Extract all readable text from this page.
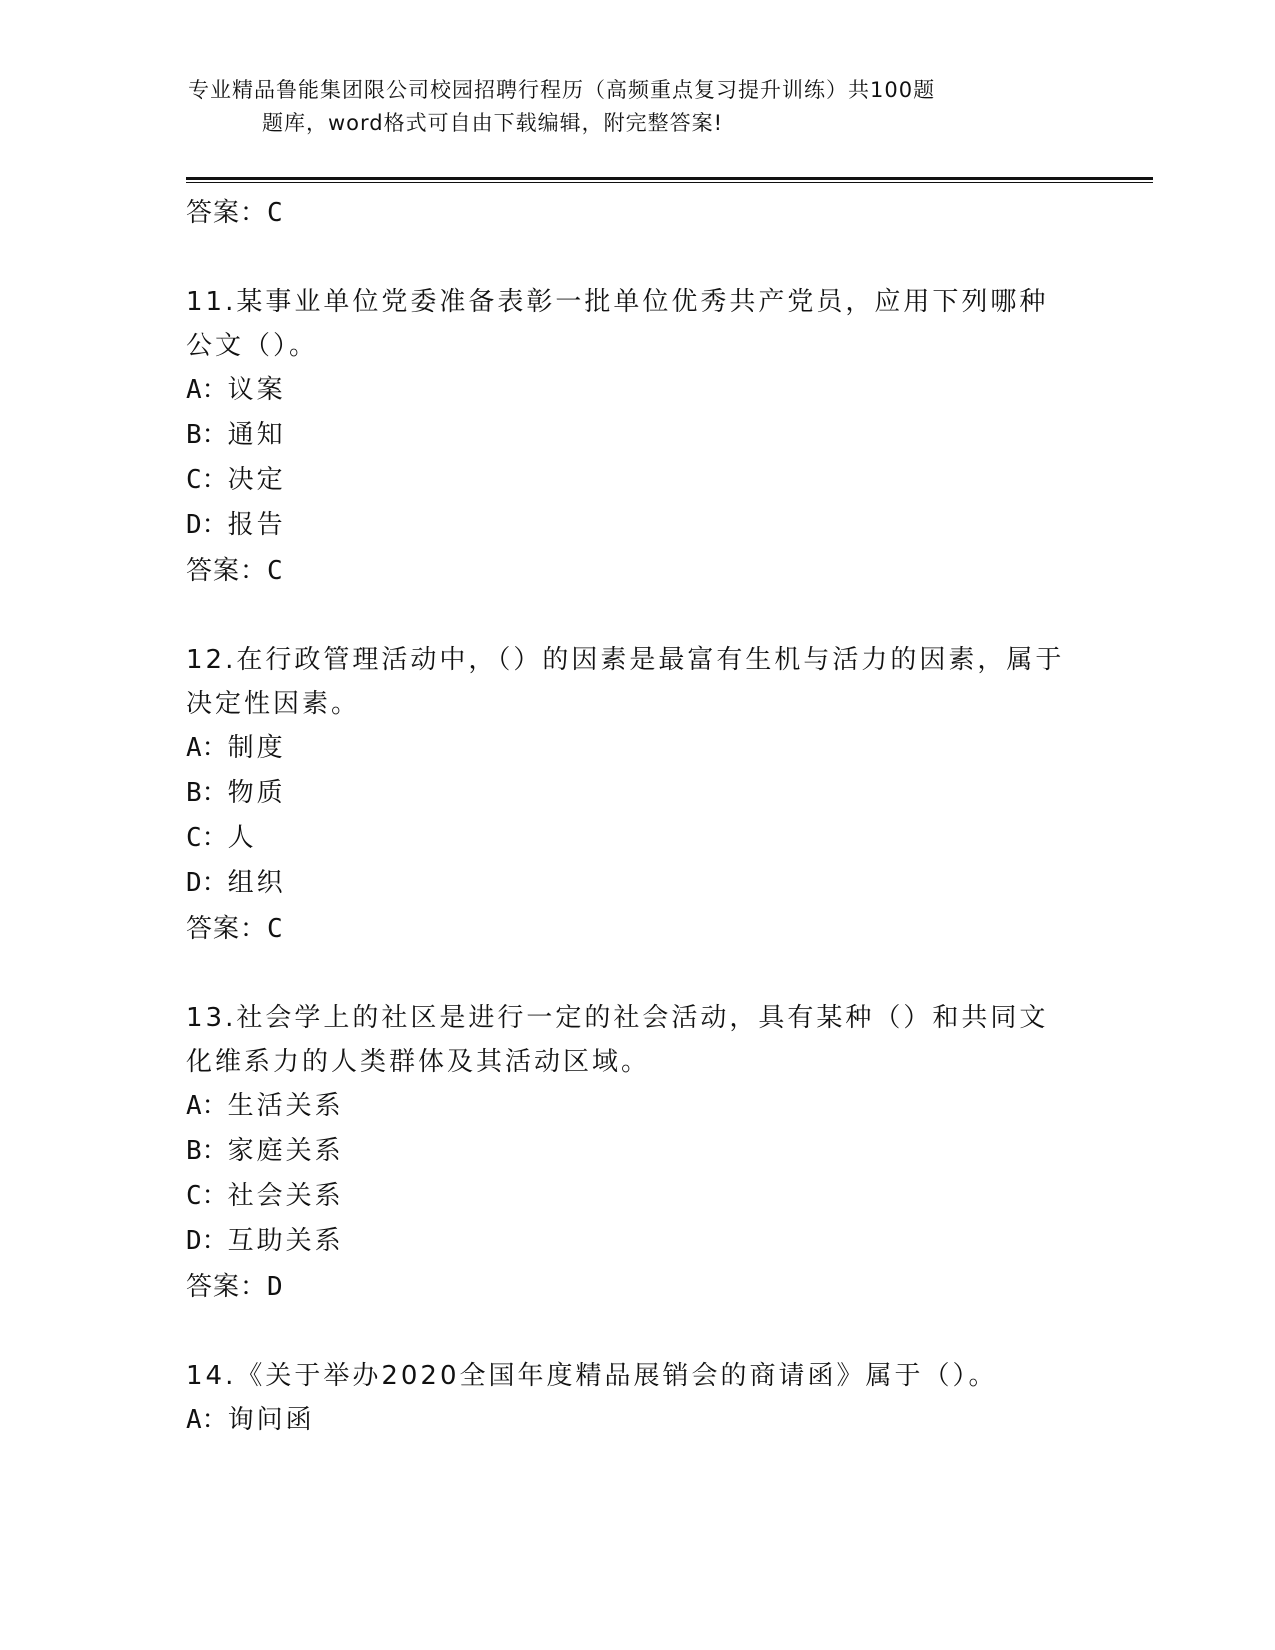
专业精品鲁能集团限公司校园招聘行程历（高频重点复习提升训练）共100题
题库，word格式可自由下载编辑，附完整答案!
答案：C
11.某事业单位党委准备表彰一批单位优秀共产党员，应用下列哪种公文（）。
A：议案
B：通知
C：决定
D：报告
答案：C
12.在行政管理活动中，（）的因素是最富有生机与活力的因素，属于决定性因素。
A：制度
B：物质
C：人
D：组织
答案：C
13.社会学上的社区是进行一定的社会活动，具有某种（）和共同文化维系力的人类群体及其活动区域。
A：生活关系
B：家庭关系
C：社会关系
D：互助关系
答案：D
14.《关于举办2020全国年度精品展销会的商请函》属于（）。
A：询问函
